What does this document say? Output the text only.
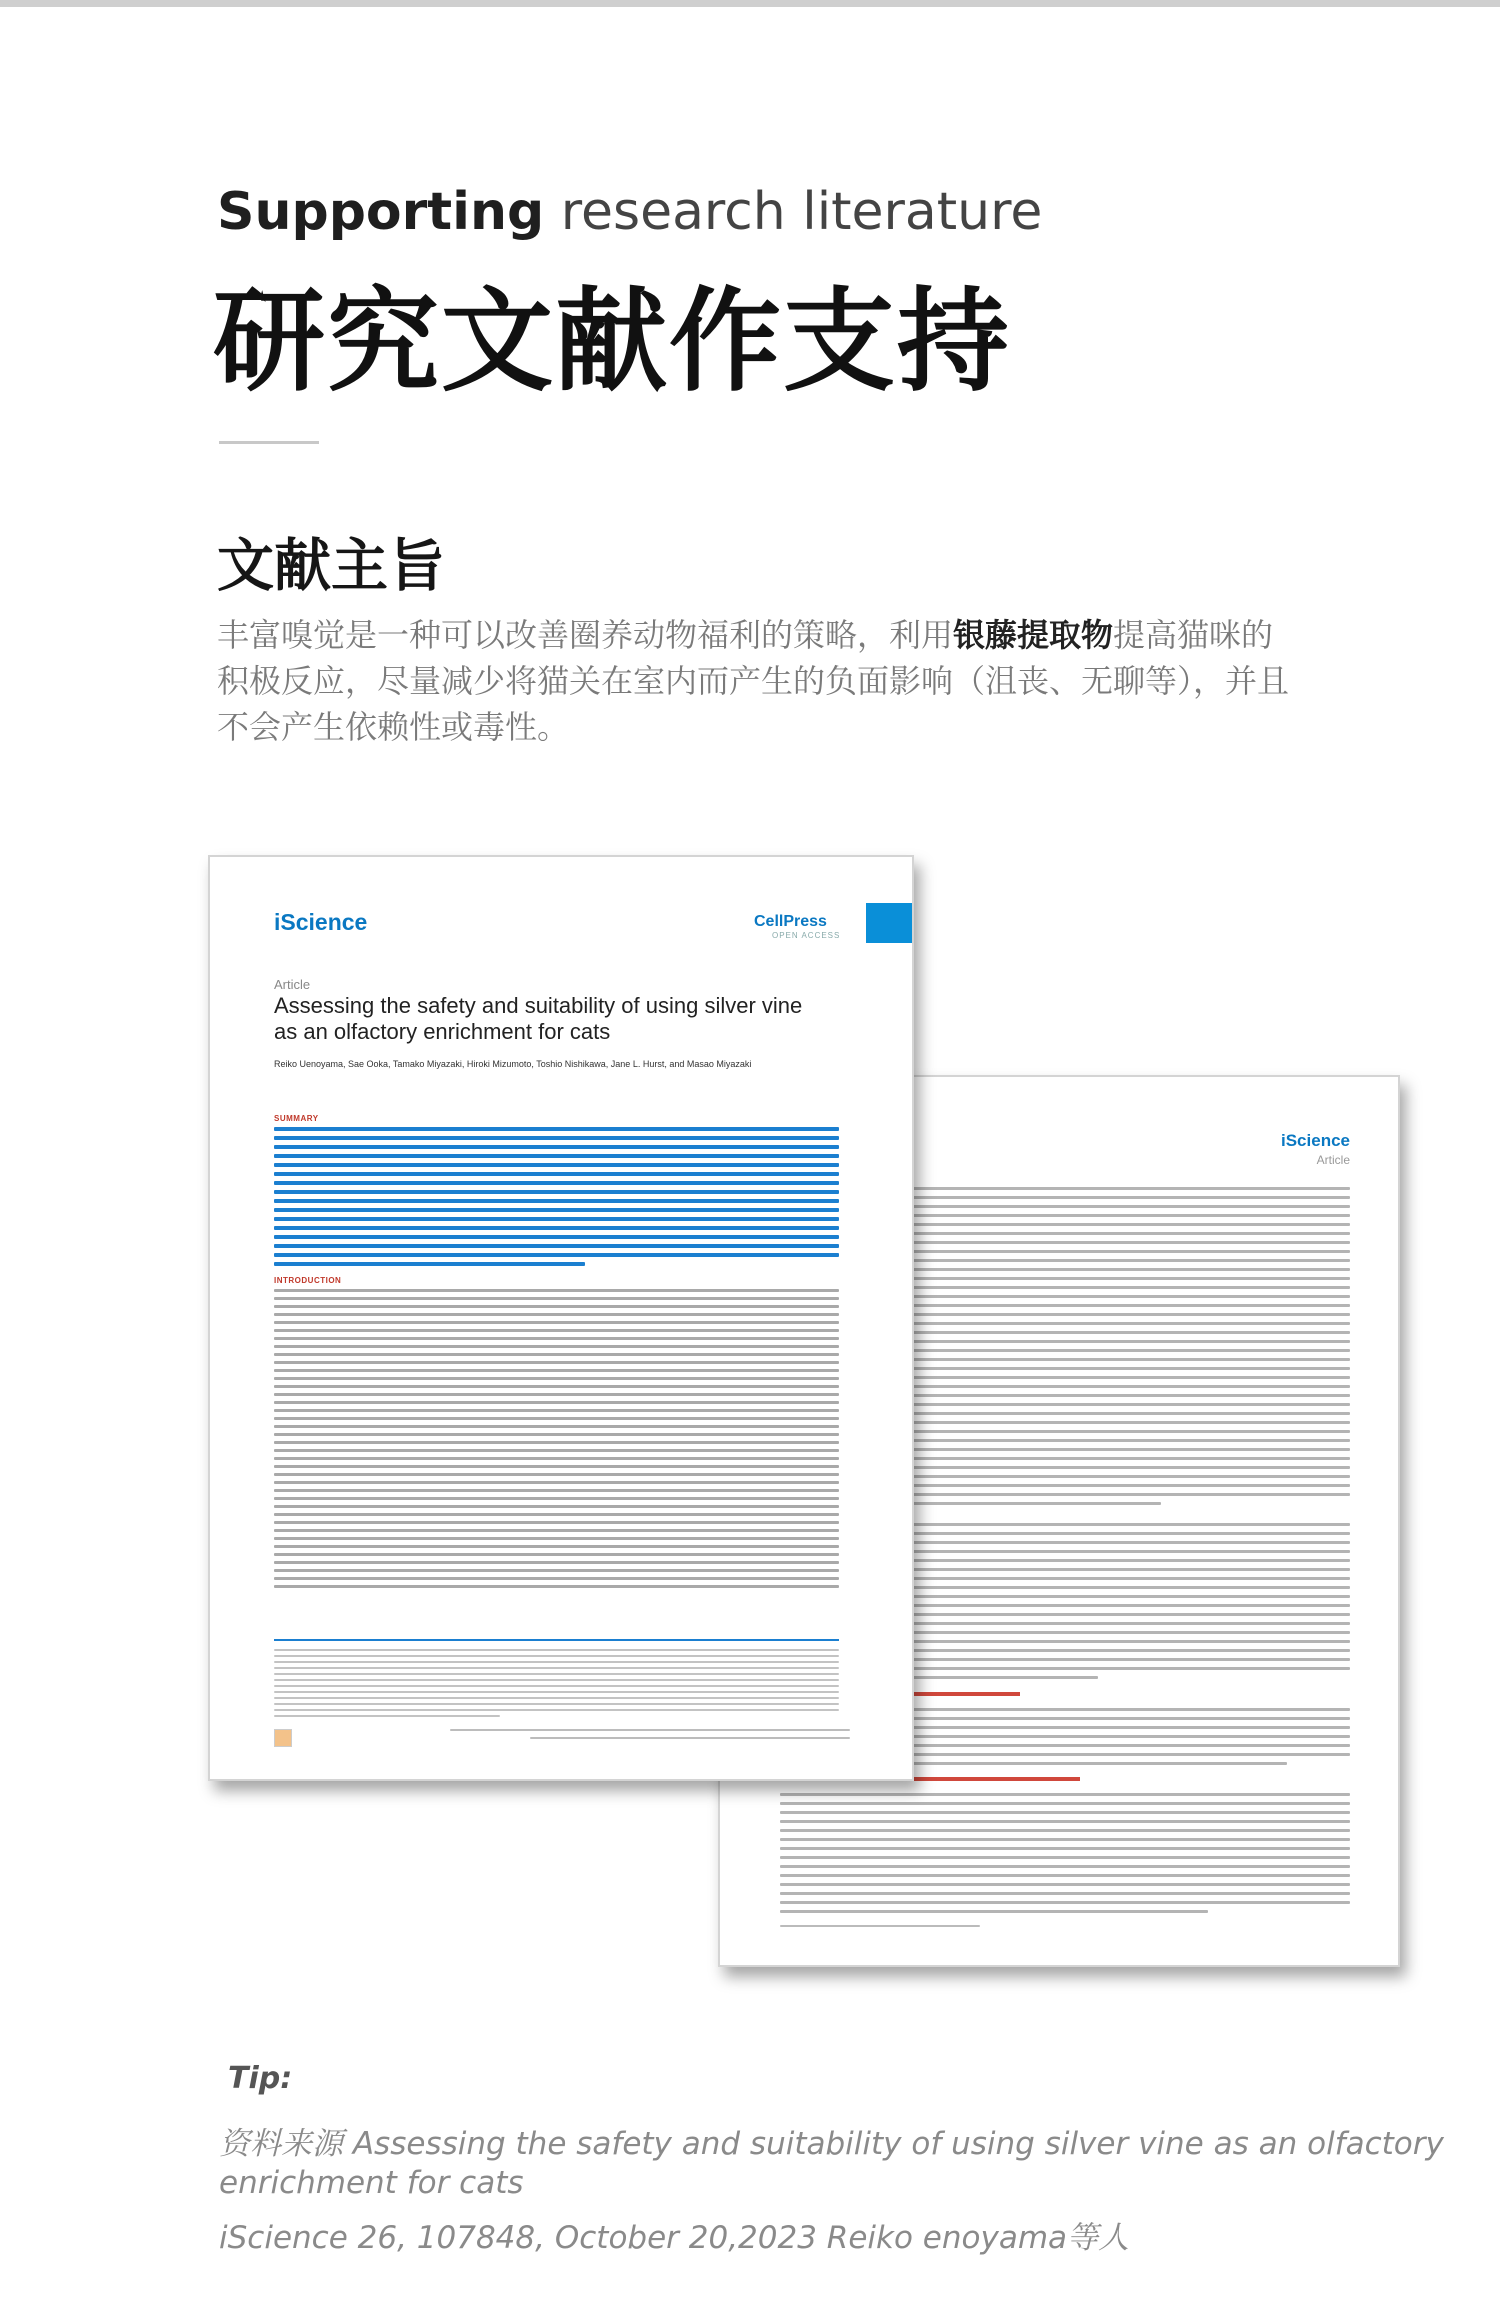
Supporting research literature
研究文献作支持
文献主旨
丰富嗅觉是一种可以改善圈养动物福利的策略，利用银藤提取物提高猫咪的积极反应，尽量减少将猫关在室内而产生的负面影响（沮丧、无聊等），并且不会产生依赖性或毒性。
iScience
Article
iScience	CellPress
OPEN ACCESS
Article
Assessing the safety and suitability of using silver vine as an olfactory enrichment for cats
Reiko Uenoyama, Sae Ooka, Tamako Miyazaki, Hiroki Mizumoto, Toshio Nishikawa, Jane L. Hurst, and Masao Miyazaki
SUMMARY
INTRODUCTION
Tip:
资料来源 Assessing the safety and suitability of using silver vine as an olfactory
enrichment for cats
iScience 26, 107848, October 20,2023 Reiko enoyama等人
